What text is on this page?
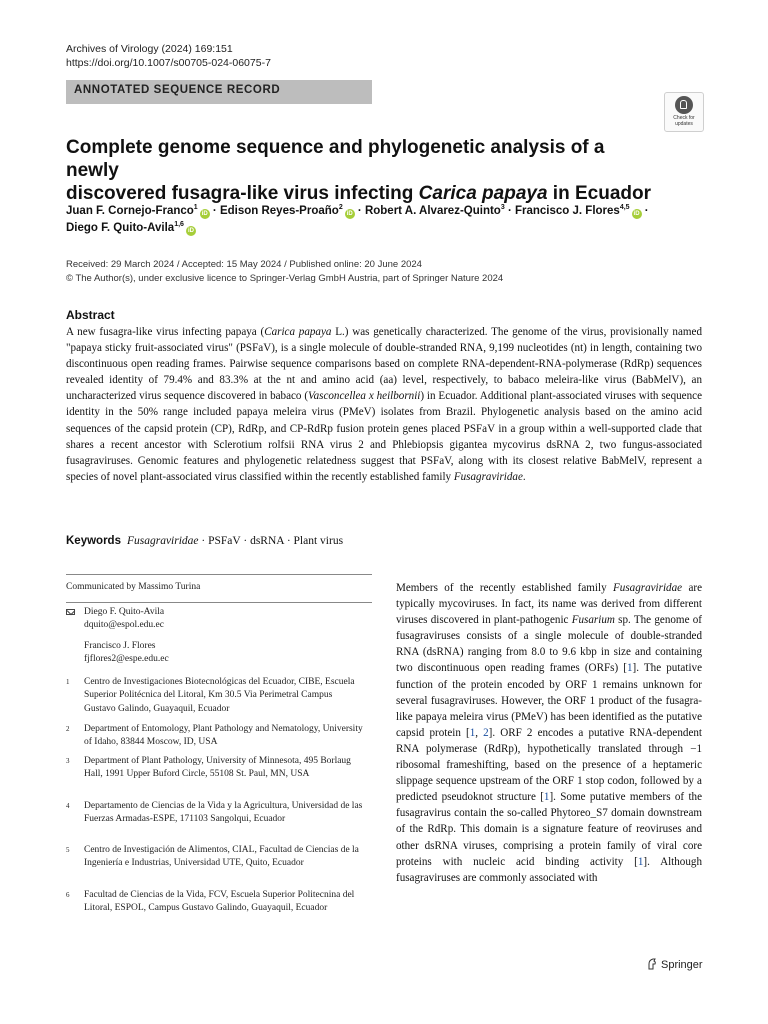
Archives of Virology (2024) 169:151
https://doi.org/10.1007/s00705-024-06075-7
ANNOTATED SEQUENCE RECORD
Check for
updates
Complete genome sequence and phylogenetic analysis of a newly
discovered fusagra-like virus infecting Carica papaya in Ecuador
Juan F. Cornejo-Franco$^1$iD · Edison Reyes-Proaño$^2$iD · Robert A. Alvarez-Quinto$^3$ · Francisco J. Flores$^{4,5}$iD ·
Diego F. Quito-Avila$^{1,6}$iD
Received: 29 March 2024 / Accepted: 15 May 2024 / Published online: 20 June 2024
© The Author(s), under exclusive licence to Springer-Verlag GmbH Austria, part of Springer Nature 2024
Abstract

A new fusagra-like virus infecting papaya (Carica papaya L.) was genetically characterized. The genome of the virus, provisionally named "papaya sticky fruit-associated virus" (PSFaV), is a single molecule of double-stranded RNA, 9,199 nucleotides (nt) in length, containing two discontinuous open reading frames. Pairwise sequence comparisons based on complete RNA-dependent-RNA-polymerase (RdRp) sequences revealed identity of 79.4% and 83.3% at the nt and amino acid (aa) level, respectively, to babaco meleira-like virus (BabMelV), an uncharacterized virus sequence discovered in babaco (Vasconcellea x heilbornii) in Ecuador. Additional plant-associated viruses with sequence identity in the 50% range included papaya meleira virus (PMeV) isolates from Brazil. Phylogenetic analysis based on the amino acid sequences of the capsid protein (CP), RdRp, and CP-RdRp fusion protein genes placed PSFaV in a group within a well-supported clade that shares a recent ancestor with Sclerotium rolfsii RNA virus 2 and Phlebiopsis gigantea mycovirus dsRNA 2, two fungus-associated fusagraviruses. Genomic features and phylogenetic relatedness suggest that PSFaV, along with its closest relative BabMelV, represent a species of novel plant-associated virus classified within the recently established family Fusagraviridae.

Keywords Fusagraviridae · PSFaV · dsRNA · Plant virus
Communicated by Massimo Turina
Diego F. Quito-Avila
dquito@espol.edu.ec
Francisco J. Flores
fjflores2@espe.edu.ec
1 Centro de Investigaciones Biotecnológicas del Ecuador, CIBE, Escuela Superior Politécnica del Litoral, Km 30.5 Via Perimetral Campus Gustavo Galindo, Guayaquil, Ecuador
2 Department of Entomology, Plant Pathology and Nematology, University of Idaho, 83844 Moscow, ID, USA
3 Department of Plant Pathology, University of Minnesota, 495 Borlaug Hall, 1991 Upper Buford Circle, 55108 St. Paul, MN, USA
4 Departamento de Ciencias de la Vida y la Agricultura, Universidad de las Fuerzas Armadas-ESPE, 171103 Sangolqui, Ecuador
5 Centro de Investigación de Alimentos, CIAL, Facultad de Ciencias de la Ingeniería e Industrias, Universidad UTE, Quito, Ecuador
6 Facultad de Ciencias de la Vida, FCV, Escuela Superior Politecnina del Litoral, ESPOL, Campus Gustavo Galindo, Guayaquil, Ecuador

Members of the recently established family Fusagraviridae are typically mycoviruses. In fact, its name was derived from different viruses discovered in plant-pathogenic Fusarium sp. The genome of fusagraviruses consists of a single molecule of double-stranded RNA (dsRNA) ranging from 8.0 to 9.6 kbp in size and containing two discontinuous open reading frames (ORFs) [1]. The putative function of the protein encoded by ORF 1 remains unknown for several fusagraviruses. However, the ORF 1 product of the fusagra-like papaya meleira virus (PMeV) has been identified as the putative capsid protein [1, 2]. ORF 2 encodes a putative RNA-dependent RNA polymerase (RdRp), hypothetically translated through −1 ribosomal frameshifting, based on the presence of a heptameric slippage sequence upstream of the ORF 1 stop codon, followed by a predicted pseudoknot structure [1]. Some putative members of the fusagravirus contain the so-called Phytoreo_S7 domain downstream of the RdRp. This domain is a signature feature of reoviruses and other dsRNA viruses, comprising a protein family of viral core proteins with nucleic acid binding activity [1]. Although fusagraviruses are commonly associated with

Springer
